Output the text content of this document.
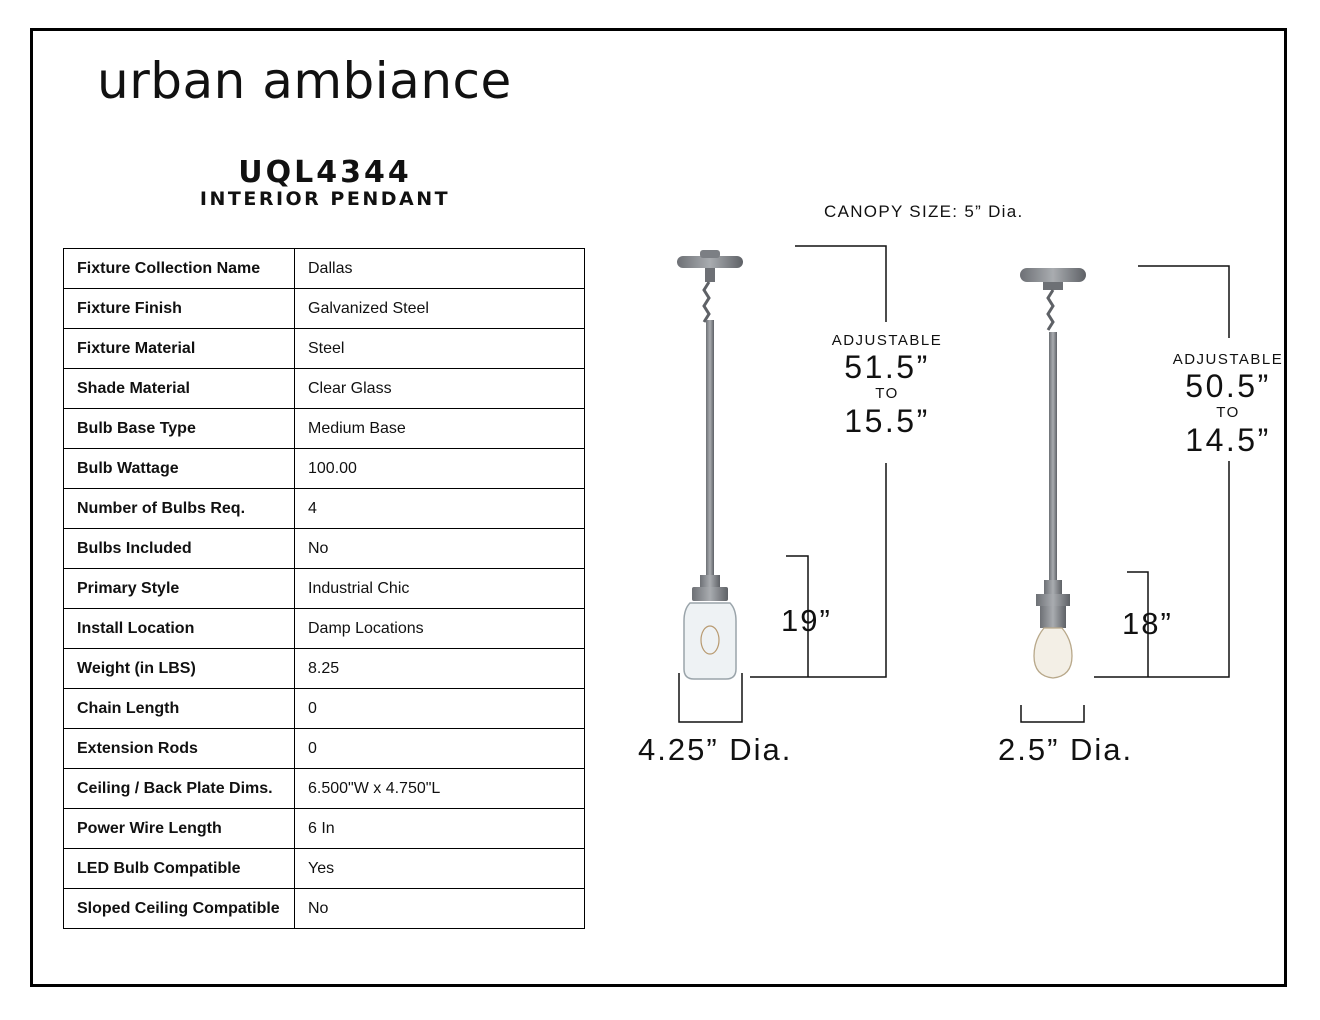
urban ambiance
UQL4344
INTERIOR PENDANT
Fixture Collection Name	Dallas
Fixture Finish	Galvanized Steel
Fixture Material	Steel
Shade Material	Clear Glass
Bulb Base Type	Medium Base
Bulb Wattage	100.00
Number of Bulbs Req.	4
Bulbs Included	No
Primary Style	Industrial Chic
Install Location	Damp Locations
Weight (in LBS)	8.25
Chain Length	0
Extension Rods	0
Ceiling / Back Plate Dims.	6.500"W x 4.750"L
Power Wire Length	6 In
LED Bulb Compatible	Yes
Sloped Ceiling Compatible	No
CANOPY SIZE: 5” Dia.
ADJUSTABLE
51.5”
TO
15.5”
19”
4.25” Dia.
ADJUSTABLE
50.5”
TO
14.5”
18”
2.5” Dia.
